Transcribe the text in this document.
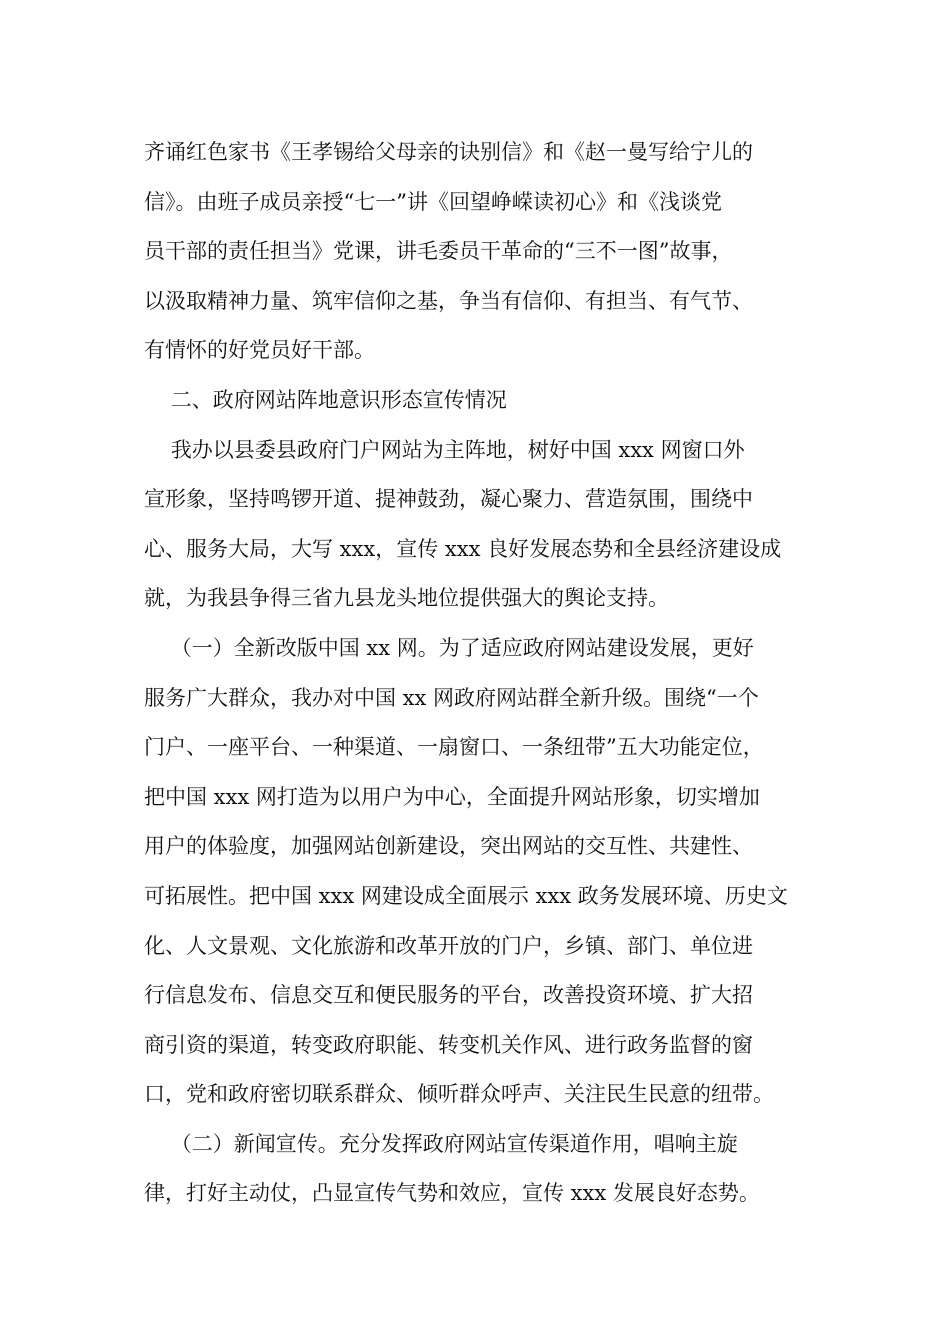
齐诵红色家书《王孝锡给父母亲的诀别信》和《赵一曼写给宁儿的

信》。由班子成员亲授“七一”讲《回望峥嵘读初心》和《浅谈党

员干部的责任担当》党课，讲毛委员干革命的“三不一图”故事，

以汲取精神力量、筑牢信仰之基，争当有信仰、有担当、有气节、

有情怀的好党员好干部。

二、政府网站阵地意识形态宣传情况

我办以县委县政府门户网站为主阵地，树好中国 xxx 网窗口外

宣形象，坚持鸣锣开道、提神鼓劲，凝心聚力、营造氛围，围绕中

心、服务大局，大写 xxx，宣传 xxx 良好发展态势和全县经济建设成

就，为我县争得三省九县龙头地位提供强大的舆论支持。

（一）全新改版中国 xx 网。为了适应政府网站建设发展，更好

服务广大群众，我办对中国 xx 网政府网站群全新升级。围绕“一个

门户、一座平台、一种渠道、一扇窗口、一条纽带”五大功能定位，

把中国 xxx 网打造为以用户为中心，全面提升网站形象，切实增加

用户的体验度，加强网站创新建设，突出网站的交互性、共建性、

可拓展性。把中国 xxx 网建设成全面展示 xxx 政务发展环境、历史文

化、人文景观、文化旅游和改革开放的门户，乡镇、部门、单位进

行信息发布、信息交互和便民服务的平台，改善投资环境、扩大招

商引资的渠道，转变政府职能、转变机关作风、进行政务监督的窗

口，党和政府密切联系群众、倾听群众呼声、关注民生民意的纽带。

（二）新闻宣传。充分发挥政府网站宣传渠道作用，唱响主旋

律，打好主动仗，凸显宣传气势和效应，宣传 xxx 发展良好态势。
